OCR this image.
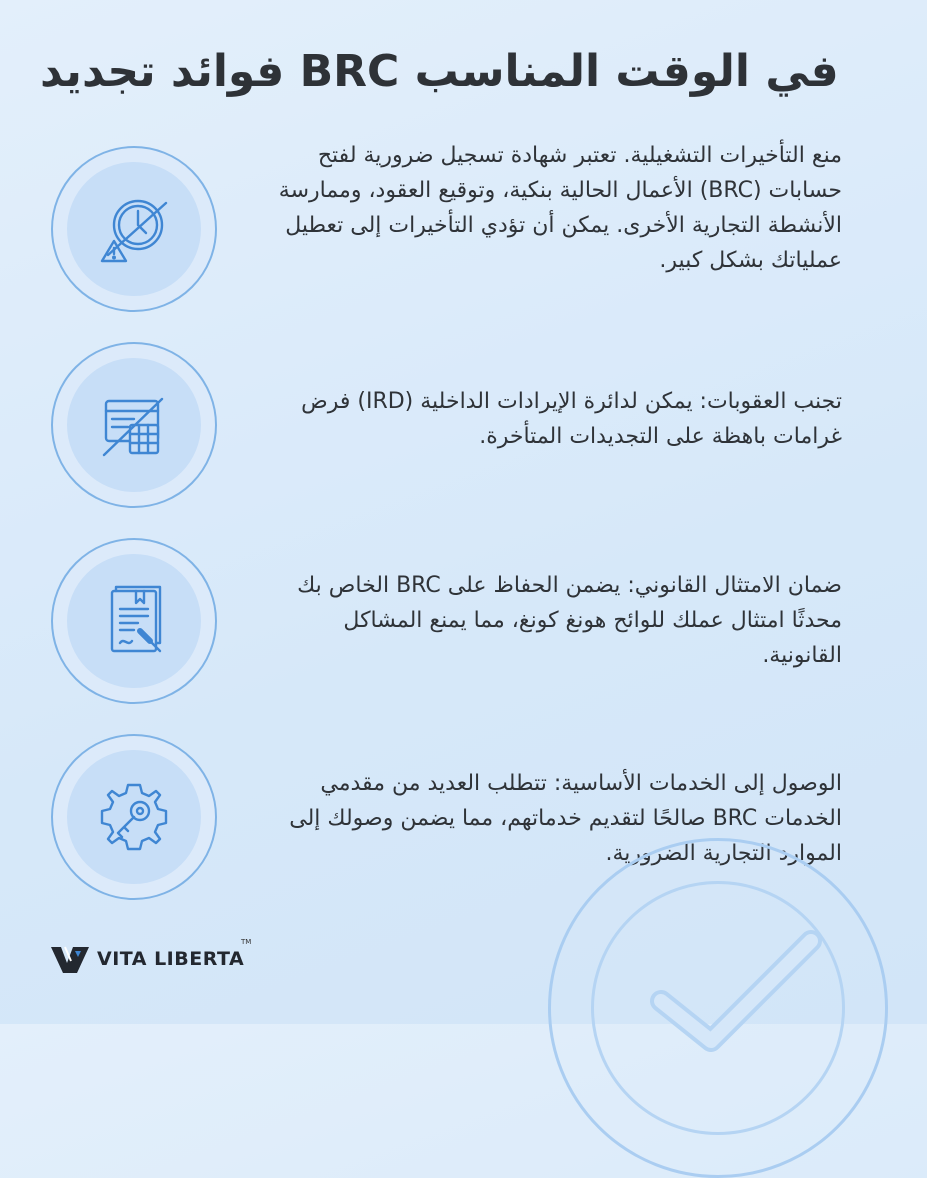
في الوقت المناسب BRC فوائد تجديد
منع التأخيرات التشغيلية. تعتبر شهادة تسجيل ضرورية لفتح حسابات (BRC) الأعمال الحالية بنكية، وتوقيع العقود، وممارسة الأنشطة التجارية الأخرى. يمكن أن تؤدي التأخيرات إلى تعطيل عملياتك بشكل كبير.
تجنب العقوبات: يمكن لدائرة الإيرادات الداخلية (IRD) فرض غرامات باهظة على التجديدات المتأخرة.
ضمان الامتثال القانوني: يضمن الحفاظ على BRC الخاص بك محدثًا امتثال عملك للوائح هونغ كونغ، مما يمنع المشاكل القانونية.
الوصول إلى الخدمات الأساسية: تتطلب العديد من مقدمي الخدمات BRC صالحًا لتقديم خدماتهم، مما يضمن وصولك إلى الموارد التجارية الضرورية.
VITA LIBERTA
TM
